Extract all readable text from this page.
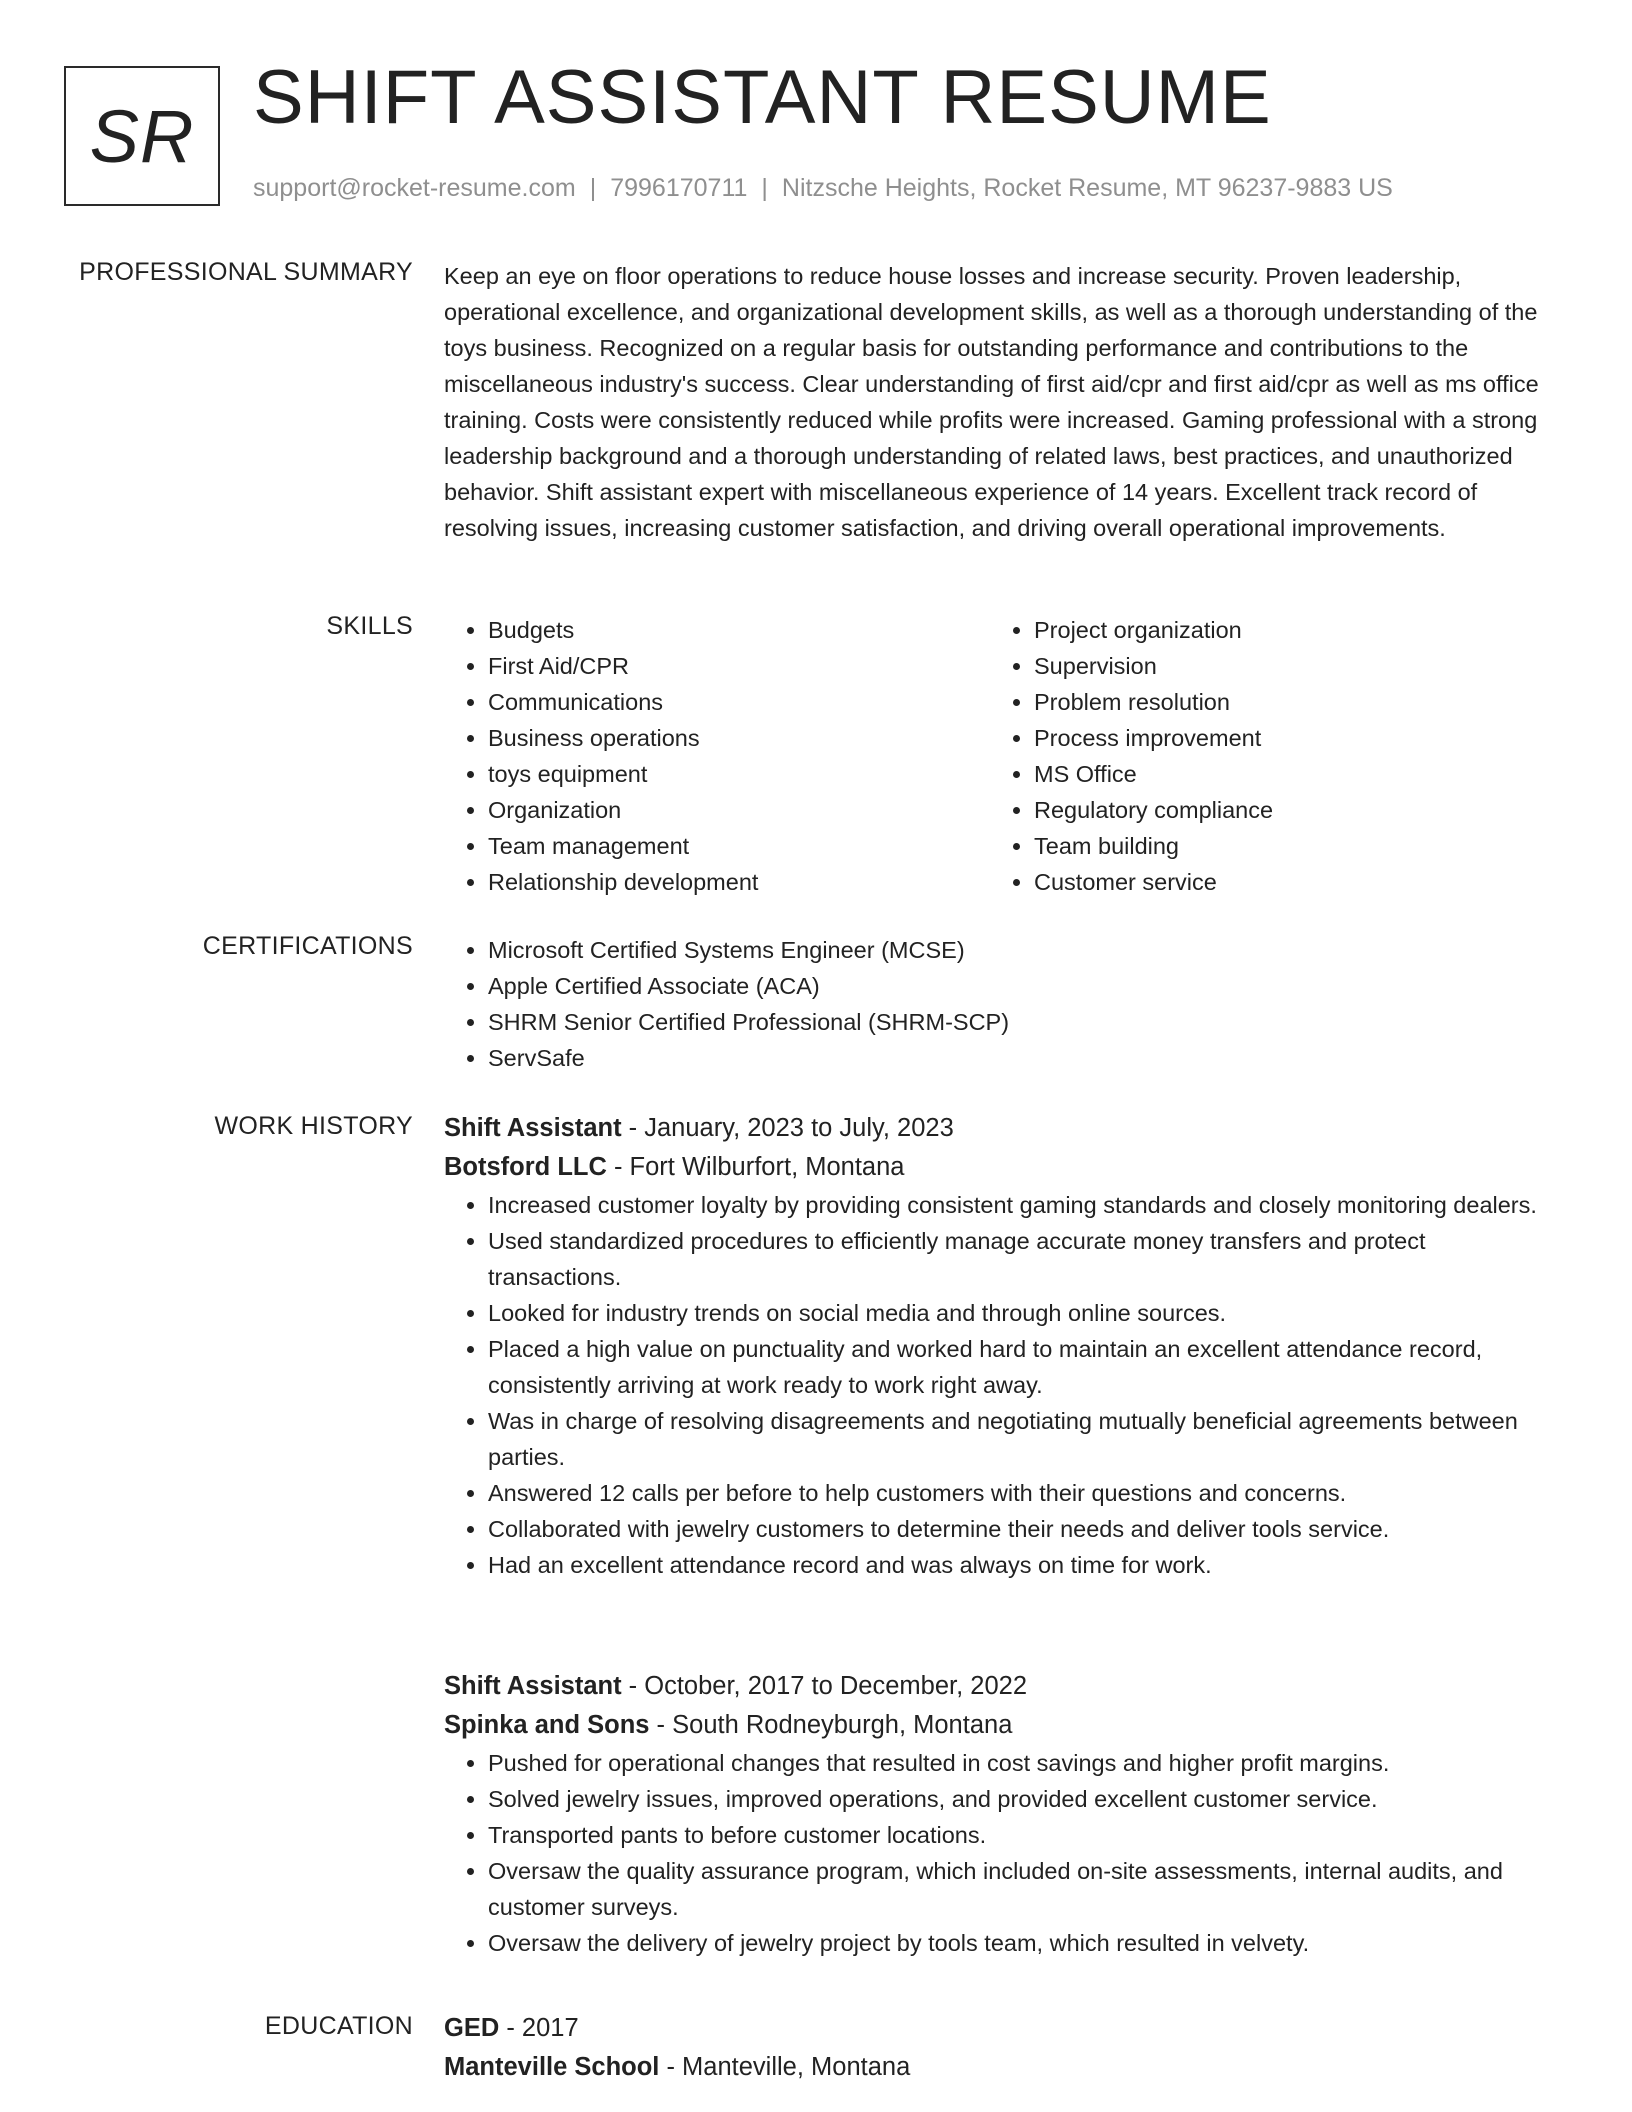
SR SHIFT ASSISTANT RESUME
support@rocket-resume.com | 7996170711 | Nitzsche Heights, Rocket Resume, MT 96237-9883 US
PROFESSIONAL SUMMARY Keep an eye on floor operations to reduce house losses and increase security. Proven leadership, operational excellence, and organizational development skills, as well as a thorough understanding of the toys business. Recognized on a regular basis for outstanding performance and contributions to the miscellaneous industry's success. Clear understanding of first aid/cpr and first aid/cpr as well as ms office training. Costs were consistently reduced while profits were increased. Gaming professional with a strong leadership background and a thorough understanding of related laws, best practices, and unauthorized behavior. Shift assistant expert with miscellaneous experience of 14 years. Excellent track record of resolving issues, increasing customer satisfaction, and driving overall operational improvements.

SKILLS	• Budgets
• First Aid/CPR
• Communications
• Business operations
• toys equipment
• Organization
• Team management
• Relationship development
• Project organization
• Supervision
• Problem resolution
• Process improvement
• MS Office
• Regulatory compliance
• Team building
• Customer service
CERTIFICATIONS	• Microsoft Certified Systems Engineer (MCSE)
• Apple Certified Associate (ACA)
• SHRM Senior Certified Professional (SHRM-SCP)
• ServSafe
WORK HISTORY Shift Assistant - January, 2023 to July, 2023
Botsford LLC - Fort Wilburfort, Montana
• Increased customer loyalty by providing consistent gaming standards and closely monitoring dealers.
• Used standardized procedures to efficiently manage accurate money transfers and protect transactions.
• Looked for industry trends on social media and through online sources.
• Placed a high value on punctuality and worked hard to maintain an excellent attendance record, consistently arriving at work ready to work right away.
• Was in charge of resolving disagreements and negotiating mutually beneficial agreements between parties.
• Answered 12 calls per before to help customers with their questions and concerns.
• Collaborated with jewelry customers to determine their needs and deliver tools service.
• Had an excellent attendance record and was always on time for work.
Shift Assistant - October, 2017 to December, 2022
Spinka and Sons - South Rodneyburgh, Montana
• Pushed for operational changes that resulted in cost savings and higher profit margins.
• Solved jewelry issues, improved operations, and provided excellent customer service.
• Transported pants to before customer locations.
• Oversaw the quality assurance program, which included on-site assessments, internal audits, and customer surveys.
• Oversaw the delivery of jewelry project by tools team, which resulted in velvety.
EDUCATION GED - 2017
Manteville School - Manteville, Montana
